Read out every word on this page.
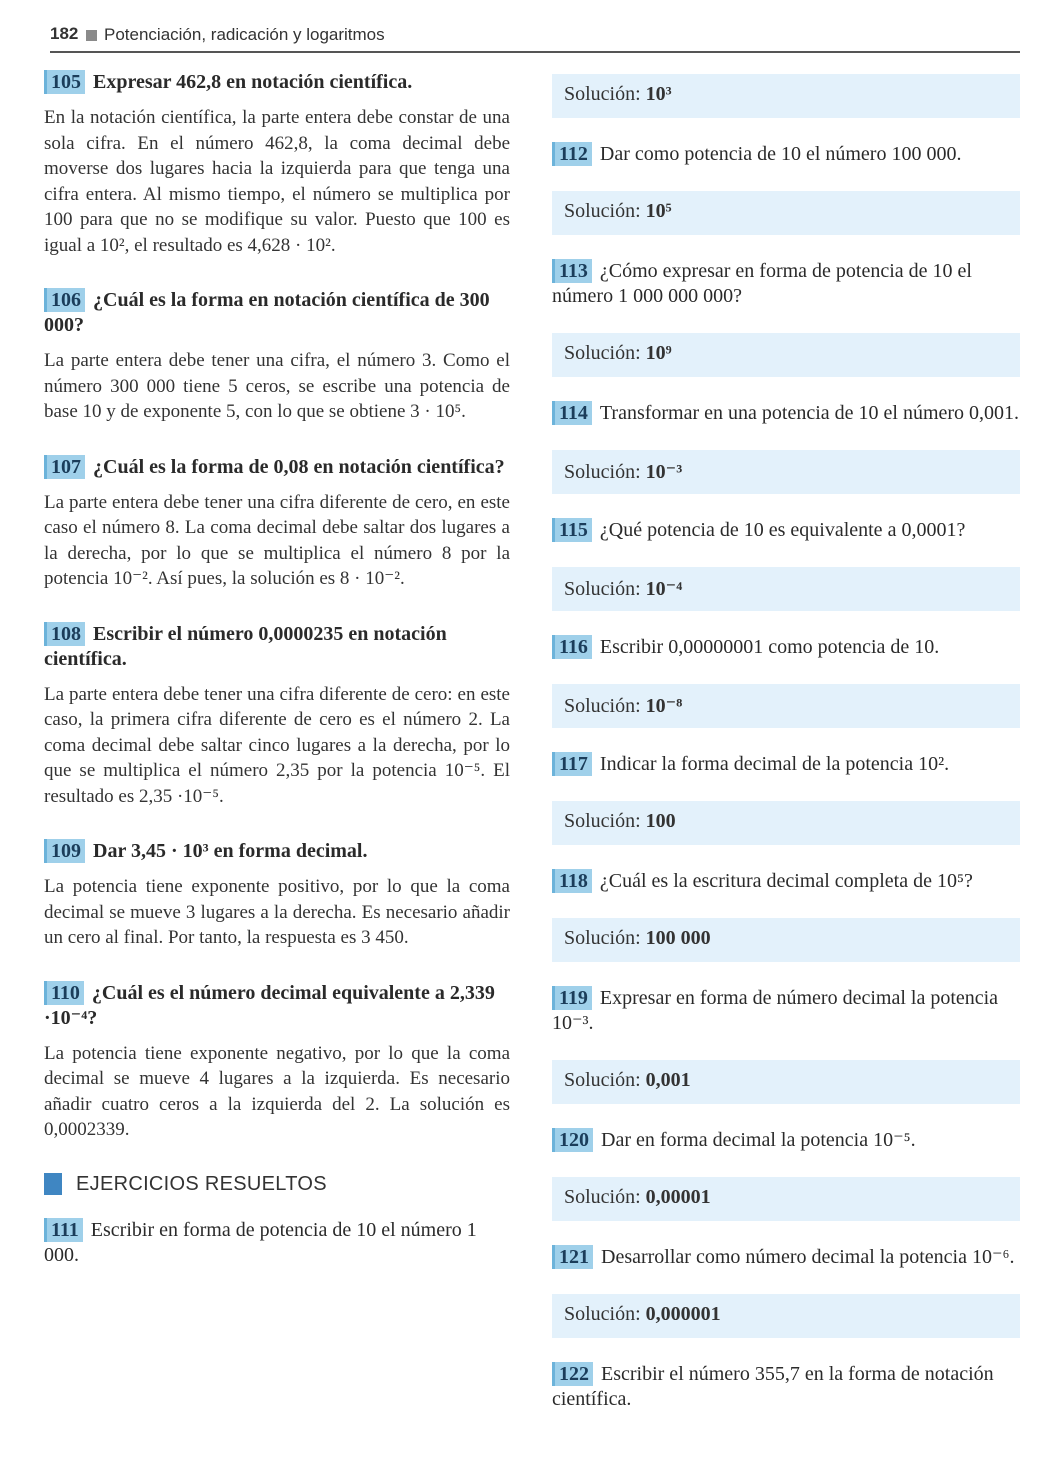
182 Potenciación, radicación y logaritmos
105 Expresar 462,8 en notación científica.
En la notación científica, la parte entera debe constar de una sola cifra. En el número 462,8, la coma decimal debe moverse dos lugares hacia la izquierda para que tenga una cifra entera. Al mismo tiempo, el número se multiplica por 100 para que no se modifique su valor. Puesto que 100 es igual a 10², el resultado es 4,628 · 10².
106 ¿Cuál es la forma en notación científica de 300 000?
La parte entera debe tener una cifra, el número 3. Como el número 300 000 tiene 5 ceros, se escribe una potencia de base 10 y de exponente 5, con lo que se obtiene 3 · 10⁵.
107 ¿Cuál es la forma de 0,08 en notación científica?
La parte entera debe tener una cifra diferente de cero, en este caso el número 8. La coma decimal debe saltar dos lugares a la derecha, por lo que se multiplica el número 8 por la potencia 10⁻². Así pues, la solución es 8 · 10⁻².
108 Escribir el número 0,0000235 en notación científica.
La parte entera debe tener una cifra diferente de cero: en este caso, la primera cifra diferente de cero es el número 2. La coma decimal debe saltar cinco lugares a la derecha, por lo que se multiplica el número 2,35 por la potencia 10⁻⁵. El resultado es 2,35 ·10⁻⁵.
109 Dar 3,45 · 10³ en forma decimal.
La potencia tiene exponente positivo, por lo que la coma decimal se mueve 3 lugares a la derecha. Es necesario añadir un cero al final. Por tanto, la respuesta es 3 450.
110 ¿Cuál es el número decimal equivalente a 2,339 ·10⁻⁴?
La potencia tiene exponente negativo, por lo que la coma decimal se mueve 4 lugares a la izquierda. Es necesario añadir cuatro ceros a la izquierda del 2. La solución es 0,0002339.
EJERCICIOS RESUELTOS
111 Escribir en forma de potencia de 10 el número 1 000.
Solución: 10³
112 Dar como potencia de 10 el número 100 000.
Solución: 10⁵
113 ¿Cómo expresar en forma de potencia de 10 el número 1 000 000 000?
Solución: 10⁹
114 Transformar en una potencia de 10 el número 0,001.
Solución: 10⁻³
115 ¿Qué potencia de 10 es equivalente a 0,0001?
Solución: 10⁻⁴
116 Escribir 0,00000001 como potencia de 10.
Solución: 10⁻⁸
117 Indicar la forma decimal de la potencia 10².
Solución: 100
118 ¿Cuál es la escritura decimal completa de 10⁵?
Solución: 100 000
119 Expresar en forma de número decimal la potencia 10⁻³.
Solución: 0,001
120 Dar en forma decimal la potencia 10⁻⁵.
Solución: 0,00001
121 Desarrollar como número decimal la potencia 10⁻⁶.
Solución: 0,000001
122 Escribir el número 355,7 en la forma de notación científica.
